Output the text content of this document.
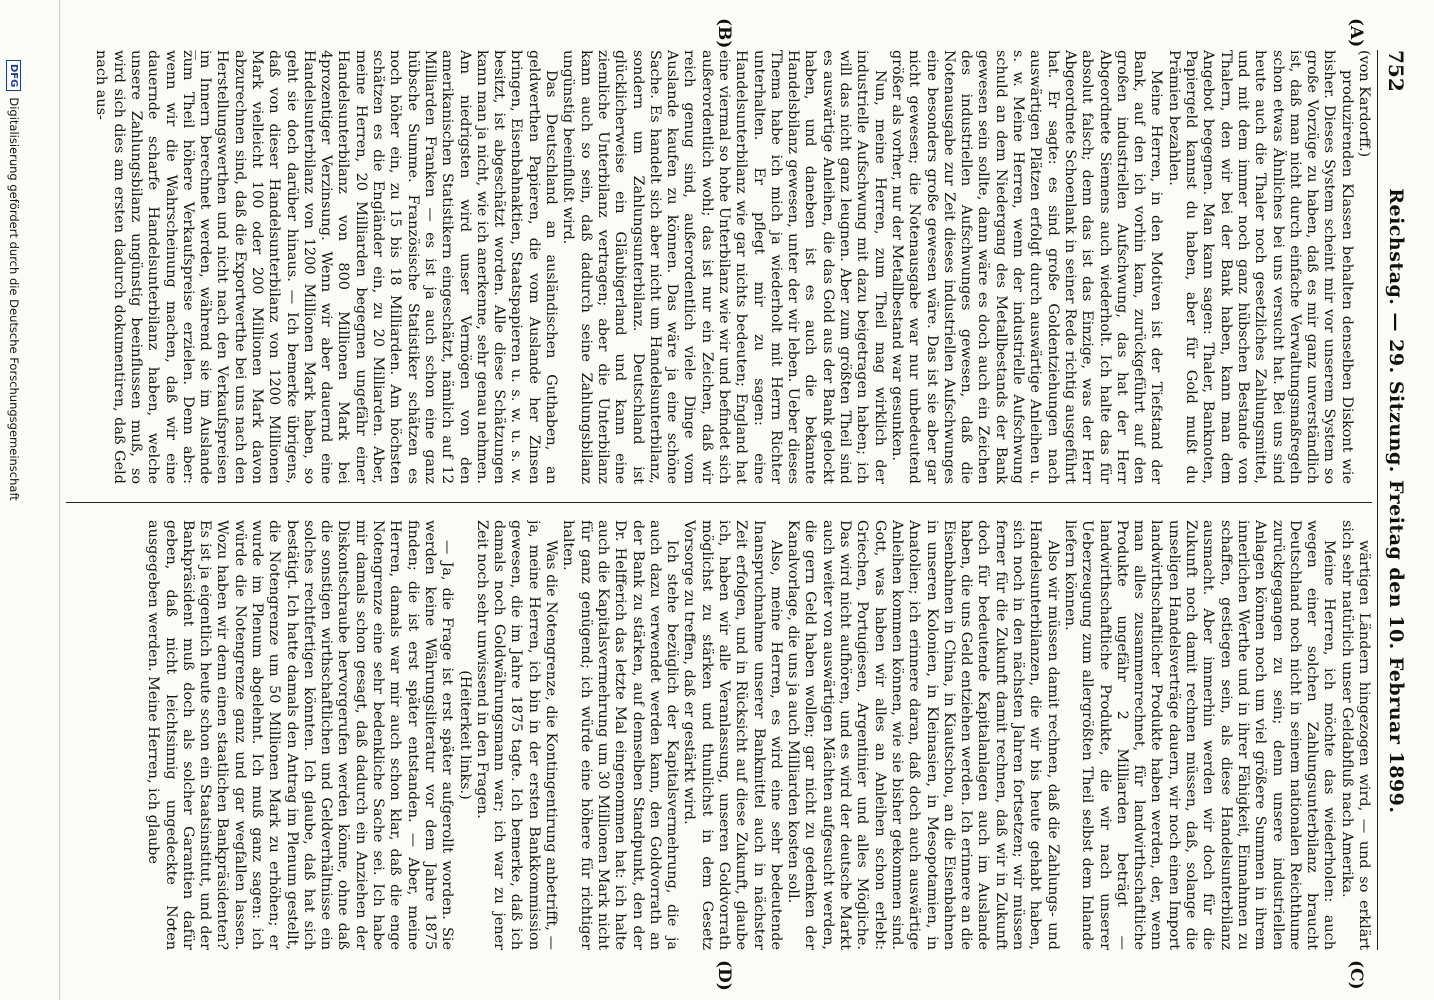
752
Reichstag. — 29. Sitzung. Freitag den 10. Februar 1899.
(A)
(B)
(C)
(D)

(von Kardorff.)

produzirenden Klassen behalten denselben Diskont wie bisher. Dieses System scheint mir vor unserem System so große Vorzüge zu haben, daß es mir ganz unverständlich ist, daß man nicht durch einfache Verwaltungsmaßregeln schon etwas Ähnliches bei uns versucht hat. Bei uns sind heute auch die Thaler noch gesetzliches Zahlungsmittel, und mit dem immer noch ganz hübschen Bestande von Thalern, den wir bei der Bank haben, kann man dem Angebot begegnen. Man kann sagen: Thaler, Banknoten, Papiergeld kannst du haben, aber für Gold mußt du Prämien bezahlen.

Meine Herren, in den Motiven ist der Tiefstand der Bank, auf den ich vorhin kam, zurückgeführt auf den großen industriellen Aufschwung, das hat der Herr Abgeordnete Siemens auch wiederholt. Ich halte das für absolut falsch; denn das ist das Einzige, was der Herr Abgeordnete Schoenlank in seiner Rede richtig ausgeführt hat. Er sagte: es sind große Goldentziehungen nach auswärtigen Plätzen erfolgt durch auswärtige Anleihen u. s. w. Meine Herren, wenn der industrielle Aufschwung schuld an dem Niedergang des Metallbestands der Bank gewesen sein sollte, dann wäre es doch auch ein Zeichen des industriellen Aufschwunges gewesen, daß die Notenausgabe zur Zeit dieses industriellen Aufschwunges eine besonders große gewesen wäre. Das ist sie aber gar nicht gewesen; die Notenausgabe war nur unbedeutend größer als vorher, nur der Metallbestand war gesunken.

Nun, meine Herren, zum Theil mag wirklich der industrielle Aufschwung mit dazu beigetragen haben; ich will das nicht ganz leugnen. Aber zum größten Theil sind es auswärtige Anleihen, die das Gold aus der Bank gelockt haben, und daneben ist es auch die bekannte Handelsbilanz gewesen, unter der wir leben. Ueber dieses Thema habe ich mich ja wiederholt mit Herrn Richter unterhalten. Er pflegt mir zu sagen: eine Handelsunterbilanz wie gar nichts bedeuten; England hat eine viermal so hohe Unterbilanz wie wir und befindet sich außerordentlich wohl; das ist nur ein Zeichen, daß wir reich genug sind, außerordentlich viele Dinge vom Auslande kaufen zu können. Das wäre ja eine schöne Sache. Es handelt sich aber nicht um Handelsunterbilanz, sondern um Zahlungsunterbilanz. Deutschland ist glücklicherweise ein Gläubigerland und kann eine ziemliche Unterbilanz vertragen; aber die Unterbilanz kann auch so sein, daß dadurch seine Zahlungsbilanz ungünstig beeinflußt wird.

Das Deutschland an ausländischen Guthaben, an geldwerthen Papieren, die vom Auslande her Zinsen bringen, Eisenbahnaktien, Staatspapieren u. s. w. u. s. w. besitzt, ist abgeschätzt worden. Alle diese Schätzungen kann man ja nicht, wie ich anerkenne, sehr genau nehmen. Am niedrigsten wird unser Vermögen von den amerikanischen Statistikern eingeschätzt, nämlich auf 12 Milliarden Franken — es ist ja auch schon eine ganz hübsche Summe. Französische Statistiker schätzen es noch höher ein, zu 15 bis 18 Milliarden. Am höchsten schätzen es die Engländer ein, zu 20 Milliarden. Aber, meine Herren, 20 Milliarden begegnen ungefähr einer Handelsunterbilanz von 800 Millionen Mark bei 4prozentiger Verzinsung. Wenn wir aber dauernd eine Handelsunterbilanz von 1200 Millionen Mark haben, so geht sie doch darüber hinaus. — Ich bemerke übrigens, daß von dieser Handelsunterbilanz von 1200 Millionen Mark vielleicht 100 oder 200 Millionen Mark davon abzurechnen sind, daß die Exportwerthe bei uns nach den Herstellungswerthen und nicht nach den Verkaufspreisen im Innern berechnet werden, während sie im Auslande zum Theil höhere Verkaufspreise erzielen. Denn aber: wenn wir die Wahrscheinung machen, daß wir eine dauernde scharfe Handelsunterbilanz haben, welche unsere Zahlungsbilanz ungünstig beeinflussen muß, so wird sich dies am ersten dadurch dokumentiren, daß Geld nach aus-

wärtigen Ländern hingezogen wird, — und so erklärt sich sehr natürlich unser Geldabfluß nach Amerika.

Meine Herren, ich möchte das wiederholen: auch wegen einer solchen Zahlungsunterbilanz braucht Deutschland noch nicht in seinem nationalen Reichthume zurückgegangen zu sein; denn unsere industriellen Anlagen können noch um viel größere Summen in ihrem innerlichen Werthe und in ihrer Fähigkeit, Einnahmen zu schaffen, gestiegen sein, als diese Handelsunterbilanz ausmacht. Aber immerhin werden wir doch für die Zukunft noch damit rechnen müssen, daß, solange die unseligen Handelsverträge dauern, wir noch einen Import landwirthschaftlicher Produkte haben werden, der, wenn man alles zusammenrechnet, für landwirthschaftliche Produkte ungefähr 2 Milliarden beträgt — landwirthschaftliche Produkte, die wir nach unserer Ueberzeugung zum allergrößten Theil selbst dem Inlande liefern können.

Also wir müssen damit rechnen, daß die Zahlungs- und Handelsunterbilanzen, die wir bis heute gehabt haben, sich noch in den nächsten Jahren fortsetzen; wir müssen ferner für die Zukunft damit rechnen, daß wir in Zukunft doch für bedeutende Kapitalanlagen auch im Auslande haben, die uns Geld entziehen werden. Ich erinnere an die Eisenbahnen in China, in Kiautschou, an die Eisenbahnen in unseren Kolonien, in Kleinasien, in Mesopotamien, in Anatolien; ich erinnere daran, daß doch auch auswärtige Anleihen kommen können, wie sie bisher gekommen sind. Gott, was haben wir alles an Anleihen schon erlebt: Griechen, Portugiesen, Argentinier und alles Mögliche. Das wird nicht aufhören, und es wird der deutsche Markt auch weiter von auswärtigen Mächten aufgesucht werden, die gern Geld haben wollen; gar nicht zu gedenken der Kanalvorlage, die uns ja auch Milliarden kosten soll.

Also, meine Herren, es wird eine sehr bedeutende Inanspruchnahme unserer Bankmittel auch in nächster Zeit erfolgen, und in Rücksicht auf diese Zukunft, glaube ich, haben wir alle Veranlassung, unseren Goldvorrath möglichst zu stärken und thunlichst in dem Gesetz Vorsorge zu treffen, daß er gestärkt wird.

Ich stehe bezüglich der Kapitalsvermehrung, die ja auch dazu verwendet werden kann, den Goldvorrath an der Bank zu stärken, auf demselben Standpunkt, den der Dr. Helfferich das letzte Mal eingenommen hat: ich halte auch die Kapitalsvermehrung um 30 Millionen Mark nicht für ganz genügend; ich würde eine höhere für richtiger halten.

Was die Notengrenze, die Kontingentirung anbetrifft, — ja, meine Herren, ich bin in der ersten Bankkommission gewesen, die im Jahre 1875 tagte. Ich bemerke, daß ich damals noch Goldwährungsmann war; ich war zu jener Zeit noch sehr unwissend in den Fragen.

(Heiterkeit links.)

— Ja, die Frage ist erst später aufgerollt worden. Sie werden keine Währungsliteratur vor dem Jahre 1875 finden; die ist erst später entstanden. — Aber, meine Herren, damals war mir auch schon klar, daß die enge Notengrenze eine sehr bedenkliche Sache sei. Ich habe mir damals schon gesagt, daß dadurch ein Anziehen der Diskontschraube hervorgerufen werden könne, ohne daß die sonstigen wirthschaftlichen und Geldverhältnisse ein solches rechtfertigen könnten. Ich glaube, daß hat sich bestätigt. Ich hatte damals den Antrag im Plenum gestellt, die Notengrenze um 50 Millionen Mark zu erhöhen; er wurde im Plenum abgelehnt. Ich muß ganz sagen: ich würde die Notengrenze ganz und gar wegfallen lassen. Wozu haben wir denn einen staatlichen Bankpräsidenten? Es ist ja eigentlich heute schon ein Staatsinstitut, und der Bankpräsident muß doch als solcher Garantien dafür geben, daß nicht leichtsinnig ungedeckte Noten ausgegeben werden. Meine Herren, ich glaube

DFG
Digitalisierung gefördert durch die Deutsche Forschungsgemeinschaft
